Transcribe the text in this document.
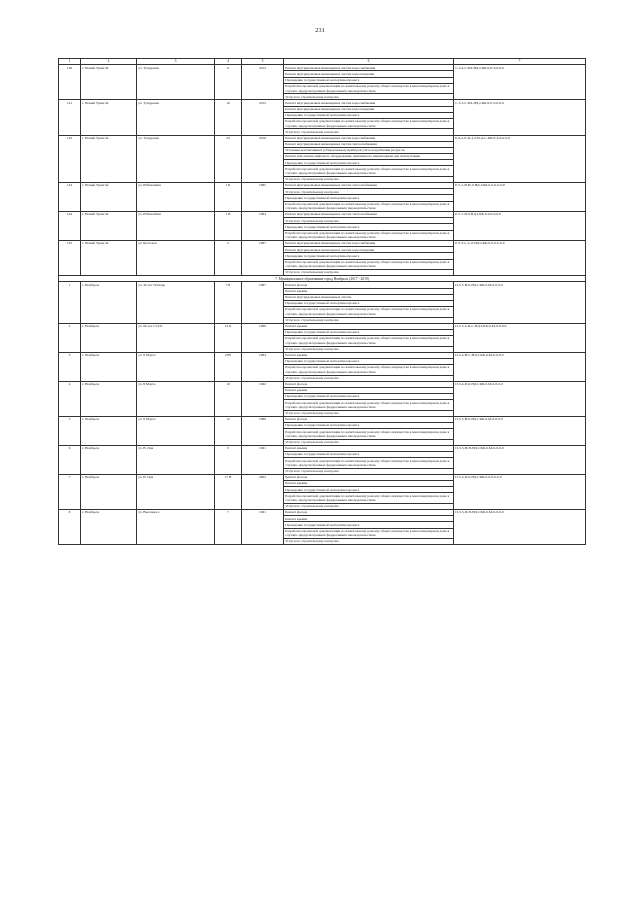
231
1	2	3	4	5	6	7
140	г. Новый Уренгой	ул. Тундровая	6	2012	Ремонт внутридомовых инженерных систем водоснабжения	С-5-4-С-Н4-НД-СКБ-6-Е-6-0-6-0
					Ремонт внутридомовых инженерных систем водоотведения	
					Проведение государственной экспертизы проекта	
					Разработка проектной документации по капитальному ремонту общего имущества в многоквартирном доме в случаях, предусмотренных федеральным законодательством	
					Услуги по строительному контролю	
141	г. Новый Уренгой	ул. Тундровая	10	2012	Ремонт внутридомовых инженерных систем водоснабжения	С-5-5-С-Н4-НД-СКБ-6-Е-0-0-0-0
					Ремонт внутридомовых инженерных систем водоотведения	
					Проведение государственной экспертизы проекта	
					Разработка проектной документации по капитальному ремонту общего имущества в многоквартирном доме в случаях, предусмотренных федеральным законодательством	
					Услуги по строительному контролю	
142	г. Новый Уренгой	ул. Тундровая	24	2016	Ремонт внутридомовых инженерных систем водоснабжения	Е-6-2-Е-Ц-4-2-Н-Д-С-КБ-Е-6-0-0-0-0
					Ремонт внутридомовых инженерных систем теплоснабжения	
					Установка коллективных (общедомовых) приборов учёта потребления ресурсов	
					Ремонт или замена лифтового оборудования, признанного непригодным для эксплуатации	
					Проведение государственной экспертизы проекта	
					Разработка проектной документации по капитальному ремонту общего имущества в многоквартирном доме в случаях, предусмотренных федеральным законодательством	
					Услуги по строительному контролю	
143	г. Новый Уренгой	ул. Юбилейная	1 Б	1985	Ремонт внутридомовых инженерных систем теплоснабжения	Е-5-1-Н-Н-0-НД-СКБ-0-0-0-0-0-Е
					Услуги по строительному контролю	
					Проведение государственной экспертизы проекта	
					Разработка проектной документации по капитальному ремонту общего имущества в многоквартирном доме в случаях, предусмотренных федеральным законодательством	
144	г. Новый Уренгой	ул. Юбилейная	1 В	1984	Ремонт внутридомовых инженерных систем теплоснабжения	Е-5-1-Н-0-НД-СКБ-0-0-0-0-0-0
					Услуги по строительному контролю	
					Проведение государственной экспертизы проекта	
					Разработка проектной документации по капитальному ремонту общего имущества в многоквартирном доме в случаях, предусмотренных федеральным законодательством	
145	г. Новый Уренгой	ул. Братская	2	1997	Ремонт внутридомовых инженерных систем водоснабжения	Е-5-3-С-С-0-НД-СКБ-0-0-0-0-0-0
					Ремонт внутридомовых инженерных систем водоотведения	
					Проведение государственной экспертизы проекта	
					Разработка проектной документации по капитальному ремонту общего имущества в многоквартирном доме в случаях, предусмотренных федеральным законодательством	
					Услуги по строительному контролю	
7. Муниципальное образование город Ноябрьск (2017 - 2019)						
1	г. Ноябрьск	ул. 40 лет Победы	7 Б	1987	Ремонт фасада	П-5-5-Н-0-НД-СКБ-0-М-0-0-0-0
					Ремонт крыши	
					Ремонт внутридомовых инженерных систем	
					Проведение государственной экспертизы проекта	
					Разработка проектной документации по капитальному ремонту общего имущества в многоквартирном доме в случаях, предусмотренных федеральным законодательством	
					Услуги по строительному контролю	
2	г. Ноябрьск	ул. 60 лет СССР	12 Б	1990	Ремонт крыши	П-5-5-4-П-С-НД-СКБ-0-М-0-0-0-0
					Проведение государственной экспертизы проекта	
					Разработка проектной документации по капитальному ремонту общего имущества в многоквартирном доме в случаях, предусмотренных федеральным законодательством	
					Услуги по строительному контролю	
3	г. Ноябрьск	ул. 8 Марта	2/85	1994	Ремонт крыши	П-5-4-Н-С-НД-СКБ-0-М-0-0-0-0
					Проведение государственной экспертизы проекта	
					Разработка проектной документации по капитальному ремонту общего имущества в многоквартирном доме в случаях, предусмотренных федеральным законодательством	
					Услуги по строительному контролю	
4	г. Ноябрьск	ул. 8 Марта	10	1992	Ремонт фасада	П-5-4-П-0-НД-СКБ-0-М-0-0-0-0
					Ремонт крыши	
					Проведение государственной экспертизы проекта	
					Разработка проектной документации по капитальному ремонту общего имущества в многоквартирном доме в случаях, предусмотренных федеральным законодательством	
					Услуги по строительному контролю	
5	г. Ноябрьск	ул. 8 Марта	12	1989	Ремонт фасада	П-5-5-Н-0-НД-СКБ-0-М-0-0-0-0
					Проведение государственной экспертизы проекта	
					Разработка проектной документации по капитальному ремонту общего имущества в многоквартирном доме в случаях, предусмотренных федеральным законодательством	
					Услуги по строительному контролю	
6	г. Ноябрьск	ул. В. Цоя	3	1991	Ремонт крыши	П-5-5-Н-Н-НД-СКБ-0-М-0-0-0-0
					Проведение государственной экспертизы проекта	
					Разработка проектной документации по капитальному ремонту общего имущества в многоквартирном доме в случаях, предусмотренных федеральным законодательством	
					Услуги по строительному контролю	
7	г. Ноябрьск	ул. В. Цоя	17 В	2002	Ремонт фасада	П-5-4-П-0-НД-СКБ-0-0-0-0-0-0
					Ремонт крыши	
					Проведение государственной экспертизы проекта	
					Разработка проектной документации по капитальному ремонту общего имущества в многоквартирном доме в случаях, предусмотренных федеральным законодательством	
					Услуги по строительному контролю	
8	г. Ноябрьск	ул. Высоцкого	7	1991	Ремонт фасада	П-5-5-П-Н-НД-СКБ-0-М-0-0-0-0
					Ремонт крыши	
					Проведение государственной экспертизы проекта	
					Разработка проектной документации по капитальному ремонту общего имущества в многоквартирном доме в случаях, предусмотренных федеральным законодательством	
					Услуги по строительному контролю	
